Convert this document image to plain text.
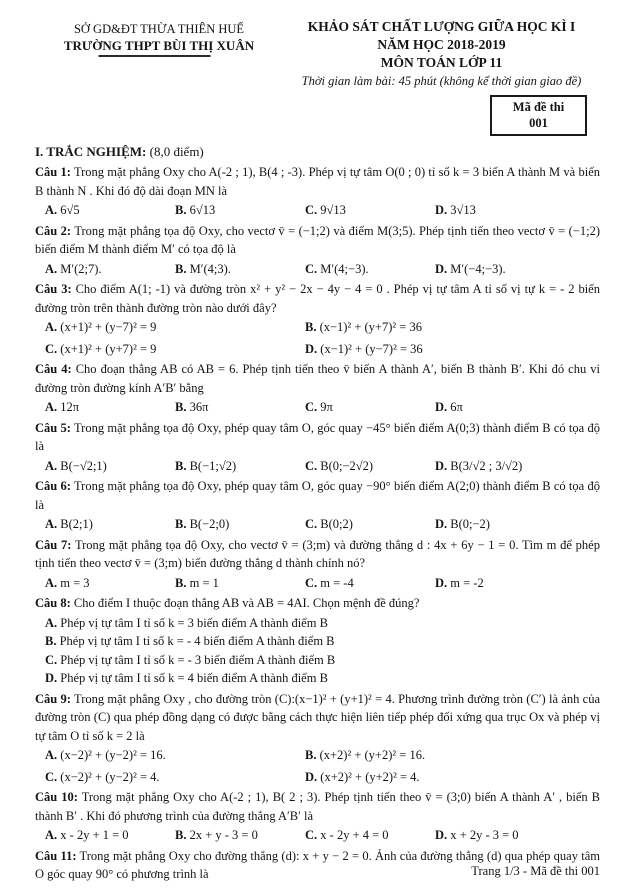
SỞ GD&ĐT THỪA THIÊN HUẾ
TRƯỜNG THPT BÙI THỊ XUÂN
KHẢO SÁT CHẤT LƯỢNG GIỮA HỌC KÌ I
NĂM HỌC 2018-2019
MÔN TOÁN LỚP 11
Thời gian làm bài: 45 phút (không kể thời gian giao đề)
Mã đề thi
001
I. TRẮC NGHIỆM: (8,0 điểm)

Câu 1: Trong mặt phẳng Oxy cho A(-2 ; 1), B(4 ; -3). Phép vị tự tâm O(0 ; 0) tỉ số k = 3 biến A thành M và biến B thành N . Khi đó độ dài đoạn MN là

A. 6√5	B. 6√13	C. 9√13	D. 3√13

Câu 2: Trong mặt phẳng tọa độ Oxy, cho vectơ v̄ = (−1;2) và điểm M(3;5). Phép tịnh tiến theo vectơ v̄ = (−1;2) biến điểm M thành điểm M′ có tọa độ là

A. M′(2;7).	B. M′(4;3).	C. M′(4;−3).	D. M′(−4;−3).

Câu 3: Cho điểm A(1; -1) và đường tròn x² + y² − 2x − 4y − 4 = 0 . Phép vị tự tâm A tỉ số vị tự k = - 2 biến đường tròn trên thành đường tròn nào dưới đây?

A. (x+1)² + (y−7)² = 9	B. (x−1)² + (y+7)² = 36
C. (x+1)² + (y+7)² = 9	D. (x−1)² + (y−7)² = 36

Câu 4: Cho đoạn thẳng AB có AB = 6. Phép tịnh tiến theo v̄ biến A thành A′, biến B thành B′. Khi đó chu vi đường tròn đường kính A′B′ bằng

A. 12π	B. 36π	C. 9π	D. 6π

Câu 5: Trong mặt phẳng tọa độ Oxy, phép quay tâm O, góc quay −45° biến điểm A(0;3) thành điểm B có tọa độ là

A. B(−√2;1)	B. B(−1;√2)	C. B(0;−2√2)	D. B(3/√2 ; 3/√2)

Câu 6: Trong mặt phẳng tọa độ Oxy, phép quay tâm O, góc quay −90° biến điểm A(2;0) thành điểm B có tọa độ là

A. B(2;1)	B. B(−2;0)	C. B(0;2)	D. B(0;−2)

Câu 7: Trong mặt phẳng tọa độ Oxy, cho vectơ v̄ = (3;m) và đường thẳng d : 4x + 6y − 1 = 0. Tìm m để phép tịnh tiến theo vectơ v̄ = (3;m) biến đường thẳng d thành chính nó?

A. m = 3	B. m = 1	C. m = -4	D. m = -2

Câu 8: Cho điểm I thuộc đoạn thẳng AB và AB = 4AI. Chọn mệnh đề đúng?

A. Phép vị tự tâm I tỉ số k = 3 biến điểm A thành điểm B
B. Phép vị tự tâm I tỉ số k = - 4 biến điểm A thành điểm B
C. Phép vị tự tâm I tỉ số k = - 3 biến điểm A thành điểm B
D. Phép vị tự tâm I tỉ số k = 4 biến điểm A thành điểm B

Câu 9: Trong mặt phẳng Oxy , cho đường tròn (C):(x−1)² + (y+1)² = 4. Phương trình đường tròn (C′) là ảnh của đường tròn (C) qua phép đồng dạng có được bằng cách thực hiện liên tiếp phép đối xứng qua trục Ox và phép vị tự tâm O tỉ số k = 2 là

A. (x−2)² + (y−2)² = 16.	B. (x+2)² + (y+2)² = 16.
C. (x−2)² + (y−2)² = 4.	D. (x+2)² + (y+2)² = 4.

Câu 10: Trong mặt phẳng Oxy cho A(-2 ; 1), B( 2 ; 3). Phép tịnh tiến theo v̄ = (3;0) biến A thành A′ , biến B thành B′ . Khi đó phương trình của đường thẳng A′B′ là

A. x - 2y + 1 = 0	B. 2x + y - 3 = 0	C. x - 2y + 4 = 0	D. x + 2y - 3 = 0

Câu 11: Trong mặt phẳng Oxy cho đường thẳng (d): x + y − 2 = 0. Ảnh của đường thẳng (d) qua phép quay tâm O góc quay 90° có phương trình là	Trang 1/3 - Mã đề thi 001
